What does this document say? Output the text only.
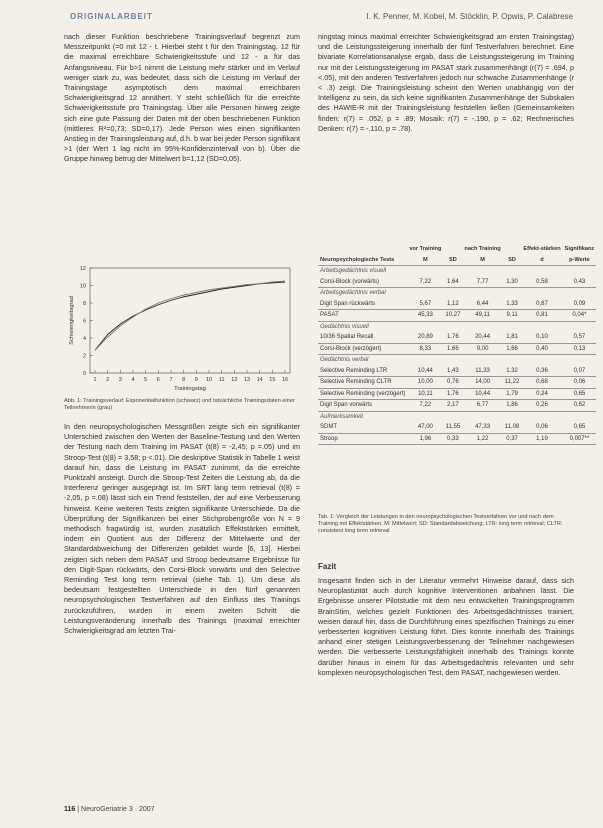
ORIGINALARBEIT	I. K. Penner, M. Kobel, M. Stöcklin, P. Opwis, P. Calabrese

nach dieser Funktion beschriebene Trainingsverlauf begrenzt zum Messzeitpunkt (=0 mit 12 - t. Hierbei steht t für den Trainingstag. 12 für die maximal erreichbare Schwierigkeitsstufe und 12 - a für das Anfangsniveau. Für b>1 nimmt die Leistung mehr stärker und im Verlauf weniger stark zu, was bedeutet, dass sich die Leistung im Verlauf der Trainingstage asymptotisch dem maximal erreichbaren Schwierigkeitsgrad 12 annähert. Y steht schließlich für die erreichte Schwierigkeitsstufe pro Trainingstag. Über alle Personen hinweg zeigte sich eine gute Passung der Daten mit der oben beschriebenen Funktion (mittleres R²=0,73; SD=0,17). Jede Person wies einen signifikanten Anstieg in der Trainingsleistung auf, d.h. b war bei jeder Person signifikant >1 (der Wert 1 lag nicht im 95%-Konfidenzintervall von b). Über die Gruppe hinweg betrug der Mittelwert b=1,12 (SD=0,05).

0
2
4
6
8
10
12
1 2 3 4 5 6 7 8 9 10 11 12 13 14 15 16
Trainingstag
Schwierigkeitsgrad
Abb. 1: Trainingsverlauf: Exponentialfunktion (schwarz) und tatsächliche Trainingsdaten einer Teilnehmerin (grau)

In den neuropsychologischen Messgrößen zeigte sich ein signifikanter Unterschied zwischen den Werten der Baseline-Testung und den Werten der Testung nach dem Training im PASAT (t(8) = -2,45; p =.05) und im Stroop-Test (t(8) = 3,58; p <.01). Die deskriptive Statistik in Tabelle 1 weist darauf hin, dass die Leistung im PASAT zunimmt, da die erreichte Punktzahl ansteigt. Durch die Stroop-Test Zeiten die Leistung ab, da die Interferenz geringer ausgeprägt ist. Im SRT lang term retrieval (t(8) = -2,05, p =.08) lässt sich ein Trend feststellen, der auf eine Verbesserung hinweist. Keine weiteren Tests zeigten signifikante Unterschiede. Da die Überprüfung der Signifikanzen bei einer Stichprobengröße von N = 9 methodisch fragwürdig ist, wurden zusätzlich Effektstärken ermittelt, indem ein Quotient aus der Differenz der Mittelwerte und der Standardabweichung der Differenzen gebildet wurde [6, 13]. Hierbei zeigten sich neben dem PASAT und Stroop bedeutsame Ergebnisse für den Digit-Span rückwärts, den Corsi-Block vorwärts und den Selective Reminding Test long term retrieval (siehe Tab. 1). Um diese als bedeutsam festgestellten Unterschiede in den fünf genannten neuropsychologischen Testverfahren auf den Einfluss des Trainings zurückzuführen, wurden in einem zweiten Schritt die Leistungsveränderung innerhalb des Trainings (maximal erreichter Schwierigkeitsgrad am letzten Trai-

ningstag minus maximal erreichter Schwierigkeitsgrad am ersten Trainingstag) und die Leistungssteigerung innerhalb der fünf Testverfahren berechnet. Eine bivariate Korrelationsanalyse ergab, dass die Leistungssteigerung im Training nur mit der Leistungssteigerung im PASAT stark zusammenhängt (r(7) = .694, p <.05), mit den anderen Testverfahren jedoch nur schwache Zusammenhänge (r < .3) zeigt. Die Trainingsleistung scheint den Werten unabhängig von der Intelligenz zu sein, da sich keine signifikanten Zusammenhänge der Subskalen des HAWIE-R mit der Trainingsleistung feststellen ließen (Gemeinsamkeiten finden: r(7) = .052, p = .89; Mosaik: r(7) = -.190, p = .62; Rechnerisches Denken: r(7) = -.110, p = .78).

	vor Training		nach Training		Effekt-stärken	Signifikanz
Neuropsychologische Tests	M	SD	M	SD	d	p-Werte
Arbeitsgedächtnis visuell						
Corsi-Block (vorwärts)	7,22	1,64	7,77	1,30	0,58	0,43
Arbeitsgedächtnis verbal						
Digit Span rückwärts	5,67	1,12	6,44	1,33	0,87	0,09
PASAT	45,33	10,27	49,11	9,11	0,81	0,04*
Gedächtnis visuell						
10/36 Spatial Recall	20,89	1,76	20,44	1,81	0,10	0,57
Corsi-Block (verzögert)	8,33	1,66	9,00	1,66	0,40	0,13
Gedächtnis verbal						
Selective Reminding LTR	10,44	1,43	11,33	1,32	0,36	0,07
Selective Reminding CLTR	10,00	0,76	14,00	11,22	0,68	0,06
Selective Reminding (verzögert)	10,11	1,76	10,44	1,79	0,24	0,65
Digit Span vorwärts	7,22	2,17	6,77	1,86	0,26	0,62
Aufmerksamkeit						
SDMT	47,00	11,55	47,33	11,08	0,06	0,65
Stroop	1,96	0,33	1,22	0,37	1,19	0,007**
Tab. 1: Vergleich der Leistungen in den neuropsychologischen Testverfahren vor und nach dem Training mit Effektstärken. M: Mittelwert; SD: Standardabweichung; LTR: long term retrieval; CLTR: consistent long term retrieval
Fazit

Insgesamt finden sich in der Literatur vermehrt Hinweise darauf, dass sich Neuroplastizität auch durch kognitive Interventionen anbahnen lässt. Die Ergebnisse unserer Pilotstudie mit dem neu entwickelten Trainingsprogramm BrainStim, welches gezielt Funktionen des Arbeitsgedächtnisses trainiert, weisen darauf hin, dass die Durchführung eines spezifischen Trainings zu einer verbesserten kognitiven Leistung führt. Dies konnte innerhalb des Trainings anhand einer stetigen Leistungsverbesserung der Teilnehmer nachgewiesen werden. Die verbesserte Leistungsfähigkeit innerhalb des Trainings konnte darüber hinaus in einem für das Arbeitsgedächtnis relevanten und sehr komplexen neuropsychologischen Test, dem PASAT, nachgewiesen werden.

116 | NeuroGeriatrie 3 · 2007
